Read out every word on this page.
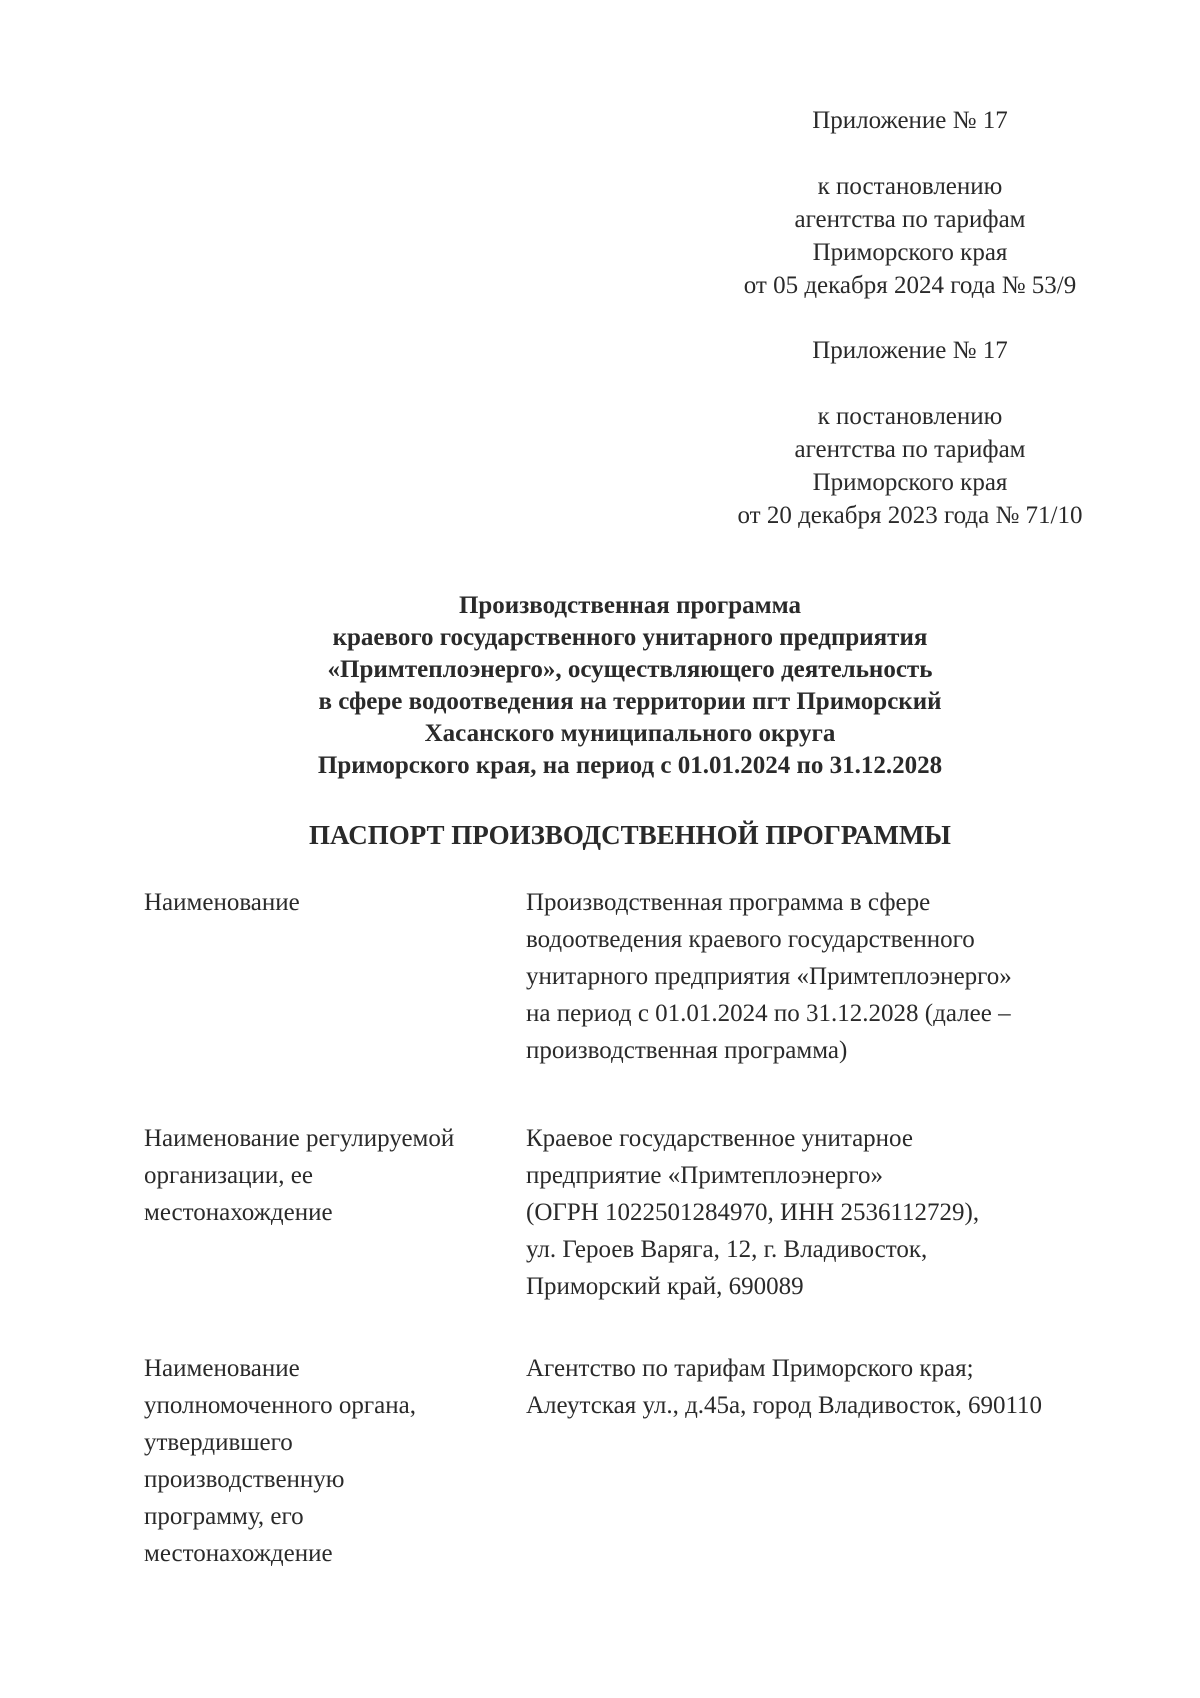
Приложение № 17
к постановлению
агентства по тарифам
Приморского края
от 05 декабря 2024 года № 53/9
Приложение № 17
к постановлению
агентства по тарифам
Приморского края
от 20 декабря 2023 года № 71/10
Производственная программа
краевого государственного унитарного предприятия
«Примтеплоэнерго», осуществляющего деятельность
в сфере водоотведения на территории пгт Приморский
Хасанского муниципального округа
Приморского края, на период с 01.01.2024 по 31.12.2028
ПАСПОРТ ПРОИЗВОДСТВЕННОЙ ПРОГРАММЫ
Наименование	Производственная программа в сфере
водоотведения краевого государственного
унитарного предприятия «Примтеплоэнерго»
на период с 01.01.2024 по 31.12.2028 (далее –
производственная программа)
Наименование регулируемой
организации, ее
местонахождение
Краевое государственное унитарное
предприятие «Примтеплоэнерго»
(ОГРН 1022501284970, ИНН 2536112729),
ул. Героев Варяга, 12, г. Владивосток,
Приморский край, 690089
Наименование
уполномоченного органа,
утвердившего
производственную
программу, его
местонахождение
Агентство по тарифам Приморского края;
Алеутская ул., д.45а, город Владивосток, 690110
